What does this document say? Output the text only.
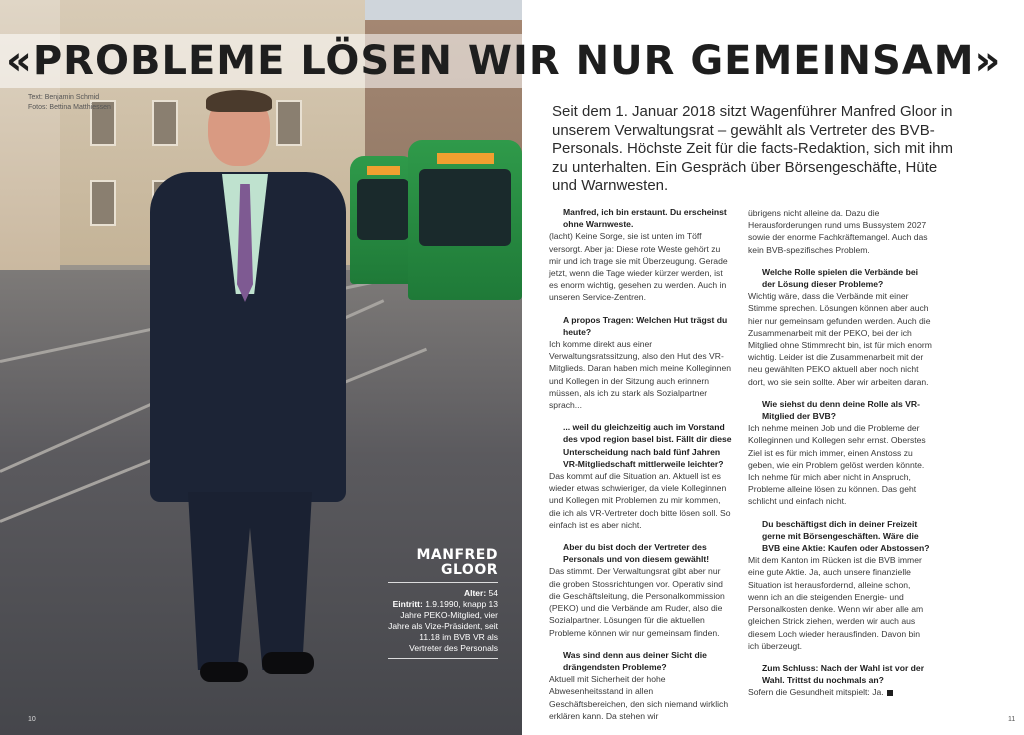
Text: Benjamin Schmid
Fotos: Bettina Matthiessen
MANFRED GLOOR
Alter: 54
Eintritt: 1.9.1990, knapp 13 Jahre PEKO-Mitglied, vier Jahre als Vize-Präsident, seit 11.18 im BVB VR als Vertreter des Personals
10
«PROBLEME LÖSEN WIR NUR GEMEINSAM»

Seit dem 1. Januar 2018 sitzt Wagenführer Manfred Gloor in unserem Verwaltungsrat – gewählt als Vertreter des BVB-Personals. Höchste Zeit für die facts-Redaktion, sich mit ihm zu unterhalten. Ein Gespräch über Börsengeschäfte, Hüte und Warnwesten.

Manfred, ich bin erstaunt. Du erscheinst ohne Warnweste.

(lacht) Keine Sorge, sie ist unten im Töff versorgt. Aber ja: Diese rote Weste gehört zu mir und ich trage sie mit Überzeugung. Gerade jetzt, wenn die Tage wieder kürzer werden, ist es enorm wichtig, gesehen zu werden. Auch in unseren Service-Zentren.

A propos Tragen: Welchen Hut trägst du heute?

Ich komme direkt aus einer Verwaltungsratssitzung, also den Hut des VR-Mitglieds. Daran haben mich meine Kolleginnen und Kollegen in der Sitzung auch erinnern müssen, als ich zu stark als Sozialpartner sprach...

... weil du gleichzeitig auch im Vorstand des vpod region basel bist. Fällt dir diese Unterscheidung nach bald fünf Jahren VR-Mitgliedschaft mittlerweile leichter?

Das kommt auf die Situation an. Aktuell ist es wieder etwas schwieriger, da viele Kolleginnen und Kollegen mit Problemen zu mir kommen, die ich als VR-Vertreter doch bitte lösen soll. So einfach ist es aber nicht.

Aber du bist doch der Vertreter des Personals und von diesem gewählt!

Das stimmt. Der Verwaltungsrat gibt aber nur die groben Stossrichtungen vor. Operativ sind die Geschäftsleitung, die Personalkommission (PEKO) und die Verbände am Ruder, also die Sozialpartner. Lösungen für die aktuellen Probleme können wir nur gemeinsam finden.

Was sind denn aus deiner Sicht die drängendsten Probleme?

Aktuell mit Sicherheit der hohe Abwesenheitsstand in allen Geschäftsbereichen, den sich niemand wirklich erklären kann. Da stehen wir

übrigens nicht alleine da. Dazu die Herausforderungen rund ums Bussystem 2027 sowie der enorme Fachkräftemangel. Auch das kein BVB-spezifisches Problem.

Welche Rolle spielen die Verbände bei der Lösung dieser Probleme?

Wichtig wäre, dass die Verbände mit einer Stimme sprechen. Lösungen können aber auch hier nur gemeinsam gefunden werden. Auch die Zusammenarbeit mit der PEKO, bei der ich Mitglied ohne Stimmrecht bin, ist für mich enorm wichtig. Leider ist die Zusammenarbeit mit der neu gewählten PEKO aktuell aber noch nicht dort, wo sie sein sollte. Aber wir arbeiten daran.

Wie siehst du denn deine Rolle als VR-Mitglied der BVB?

Ich nehme meinen Job und die Probleme der Kolleginnen und Kollegen sehr ernst. Oberstes Ziel ist es für mich immer, einen Anstoss zu geben, wie ein Problem gelöst werden könnte. Ich nehme für mich aber nicht in Anspruch, Probleme alleine lösen zu können. Das geht schlicht und einfach nicht.

Du beschäftigst dich in deiner Freizeit gerne mit Börsengeschäften. Wäre die BVB eine Aktie: Kaufen oder Abstossen?

Mit dem Kanton im Rücken ist die BVB immer eine gute Aktie. Ja, auch unsere finanzielle Situation ist herausfordernd, alleine schon, wenn ich an die steigenden Energie- und Personalkosten denke. Wenn wir aber alle am gleichen Strick ziehen, werden wir auch aus diesem Loch wieder herausfinden. Davon bin ich überzeugt.

Zum Schluss: Nach der Wahl ist vor der Wahl. Trittst du nochmals an?

Sofern die Gesundheit mitspielt: Ja.

11
